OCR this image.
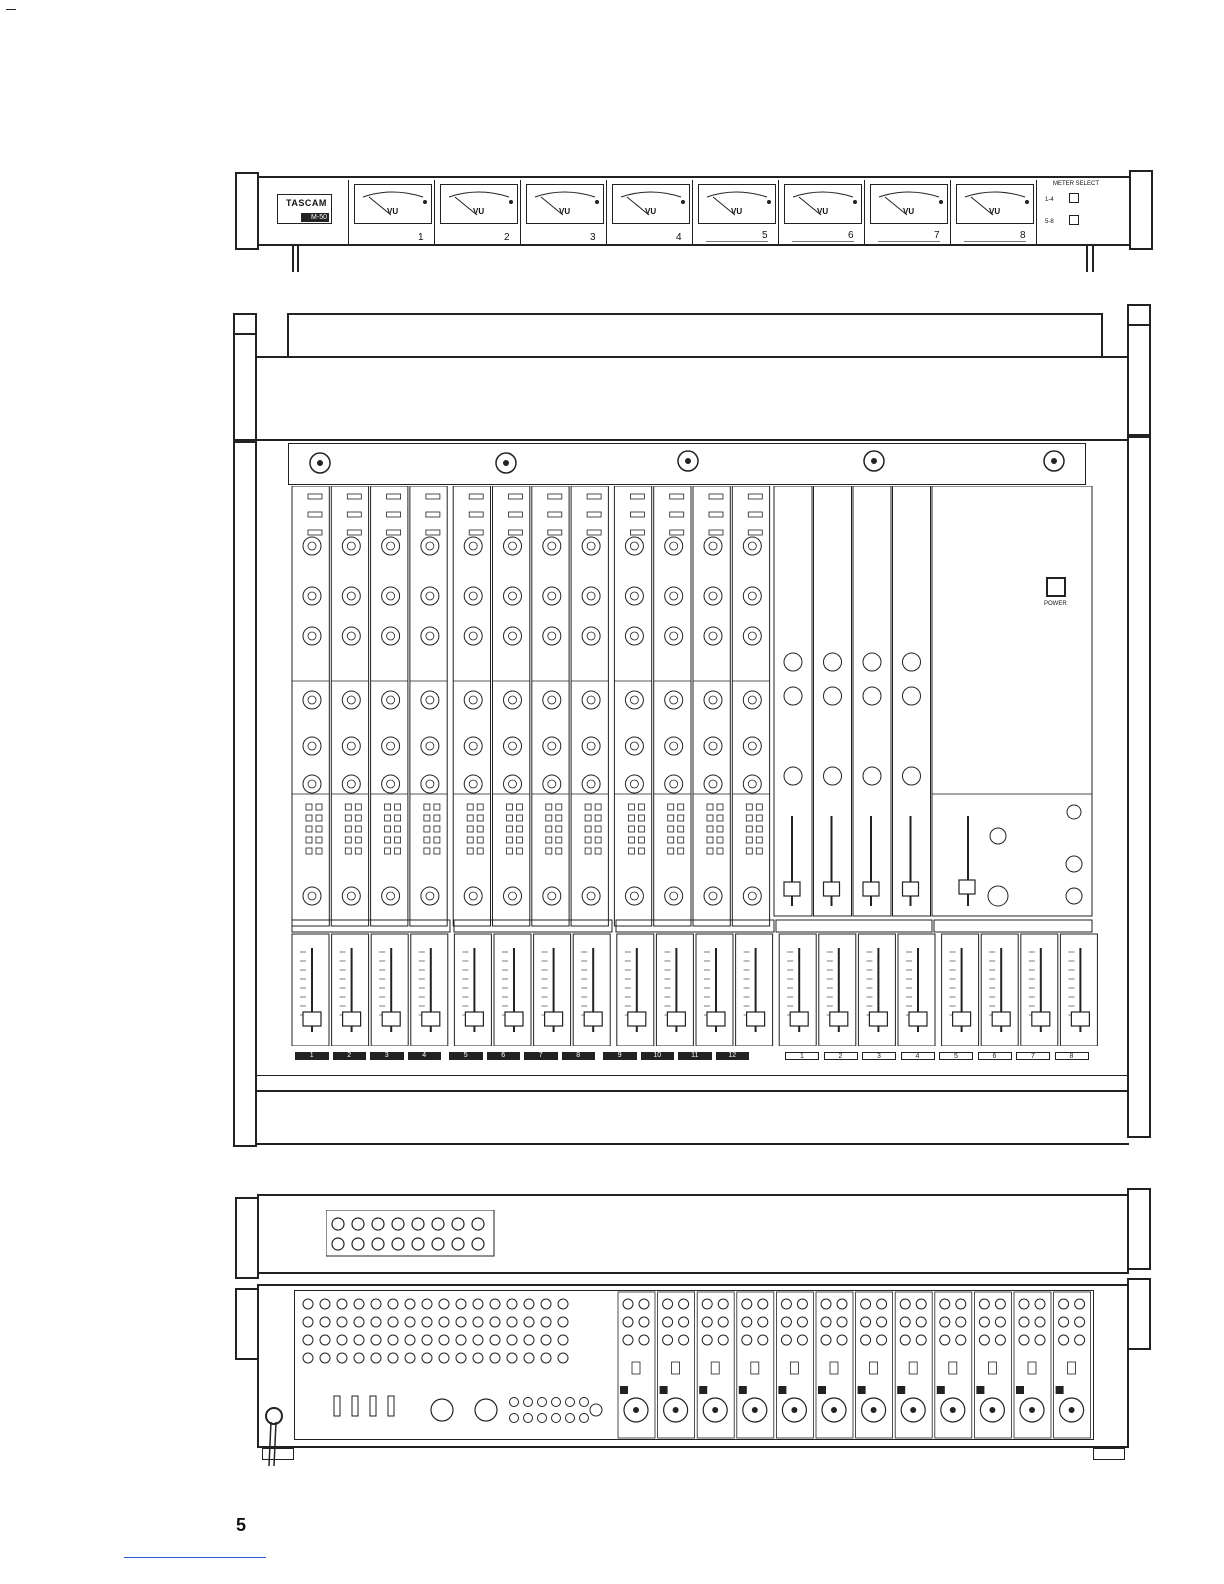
5
TASCAM
M-50
VU	VU	VU	VU	VU	VU	VU	VU
1	2	3	4	5	6	7	8
METER SELECT
1-4
5-8
POWER
1	2	3	4	5	6	7	8	9	10	11	12	1	2	3	4	5	6	7	8
